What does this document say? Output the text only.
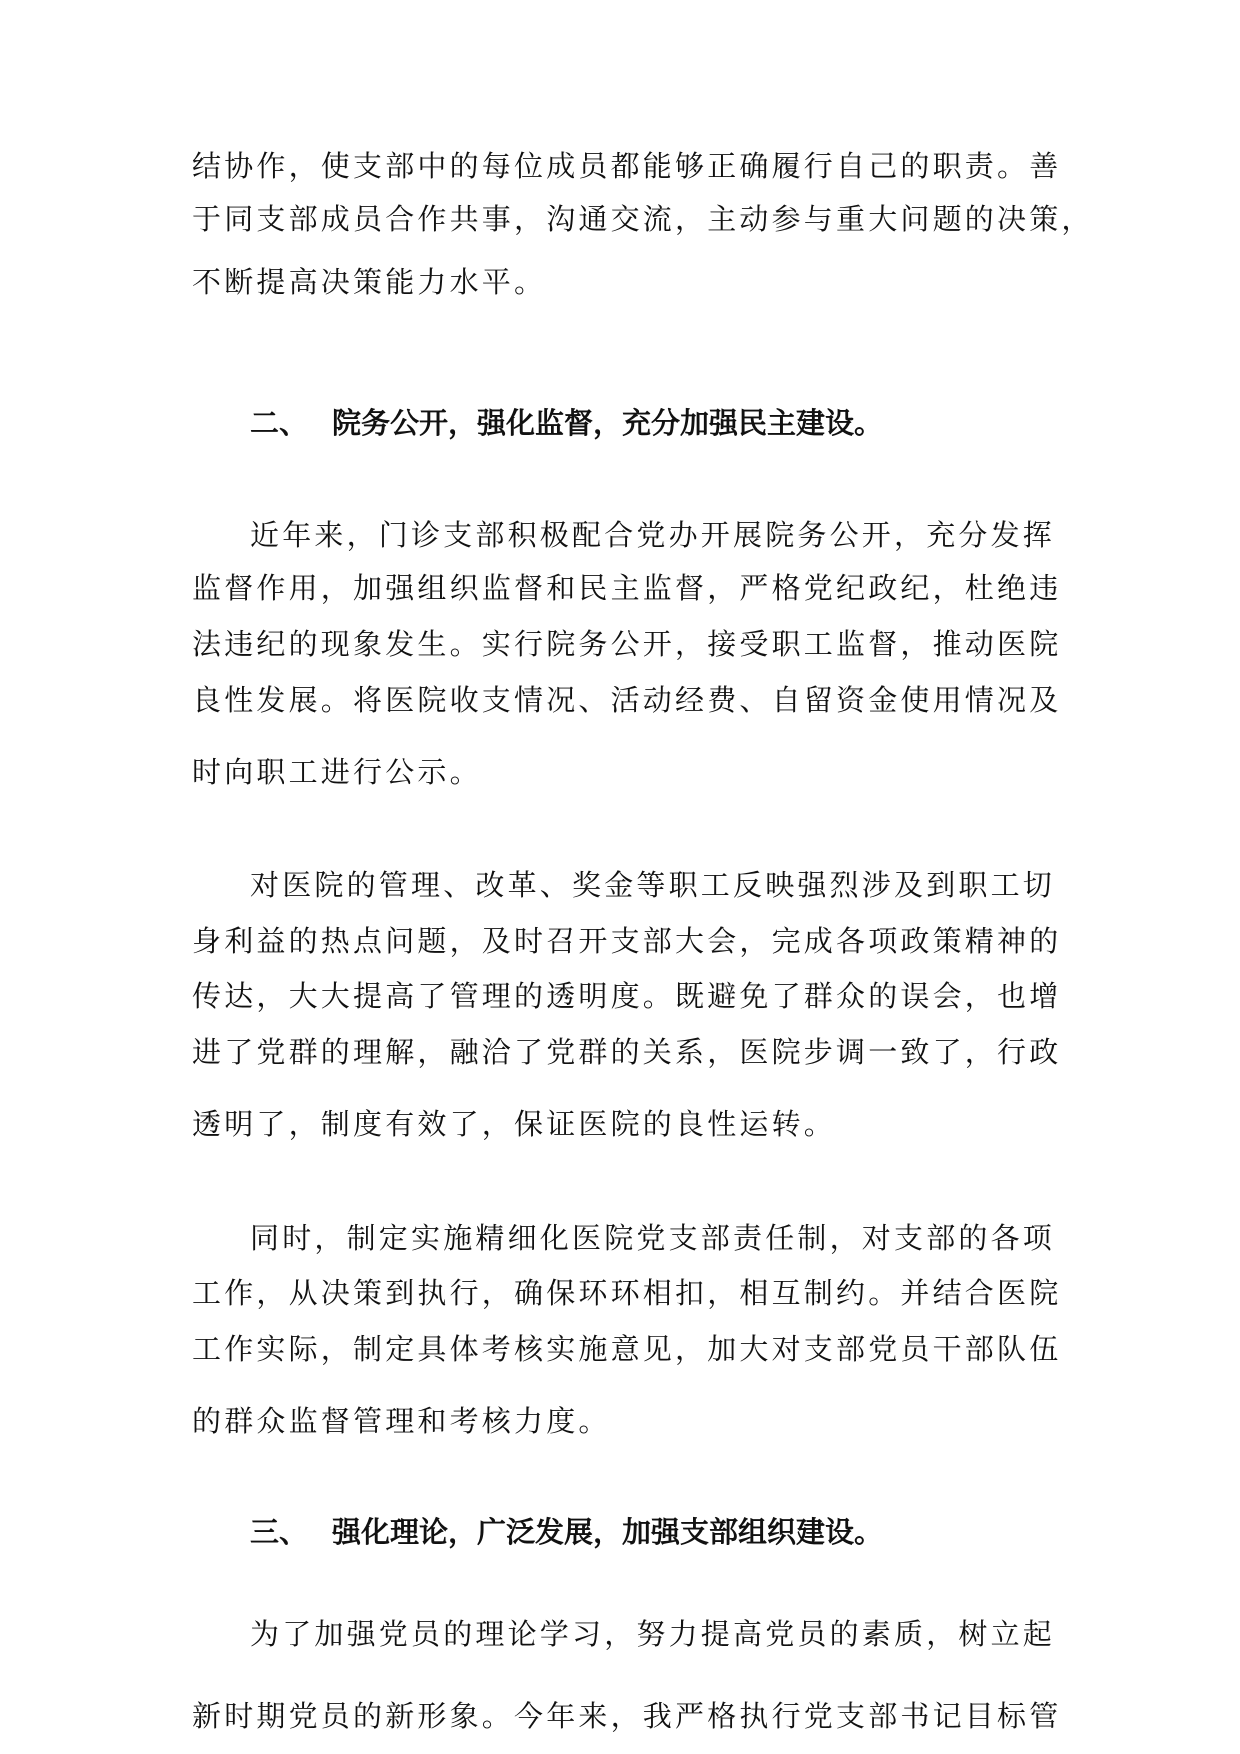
结协作，使支部中的每位成员都能够正确履行自己的职责。善
于同支部成员合作共事，沟通交流，主动参与重大问题的决策，
不断提高决策能力水平。
二、 院务公开，强化监督，充分加强民主建设。
近年来，门诊支部积极配合党办开展院务公开，充分发挥
监督作用，加强组织监督和民主监督，严格党纪政纪，杜绝违
法违纪的现象发生。实行院务公开，接受职工监督，推动医院
良性发展。将医院收支情况、活动经费、自留资金使用情况及
时向职工进行公示。
对医院的管理、改革、奖金等职工反映强烈涉及到职工切
身利益的热点问题，及时召开支部大会，完成各项政策精神的
传达，大大提高了管理的透明度。既避免了群众的误会，也增
进了党群的理解，融洽了党群的关系，医院步调一致了，行政
透明了，制度有效了，保证医院的良性运转。
同时，制定实施精细化医院党支部责任制，对支部的各项
工作，从决策到执行，确保环环相扣，相互制约。并结合医院
工作实际，制定具体考核实施意见，加大对支部党员干部队伍
的群众监督管理和考核力度。
三、 强化理论，广泛发展，加强支部组织建设。
为了加强党员的理论学习，努力提高党员的素质，树立起
新时期党员的新形象。今年来，我严格执行党支部书记目标管
